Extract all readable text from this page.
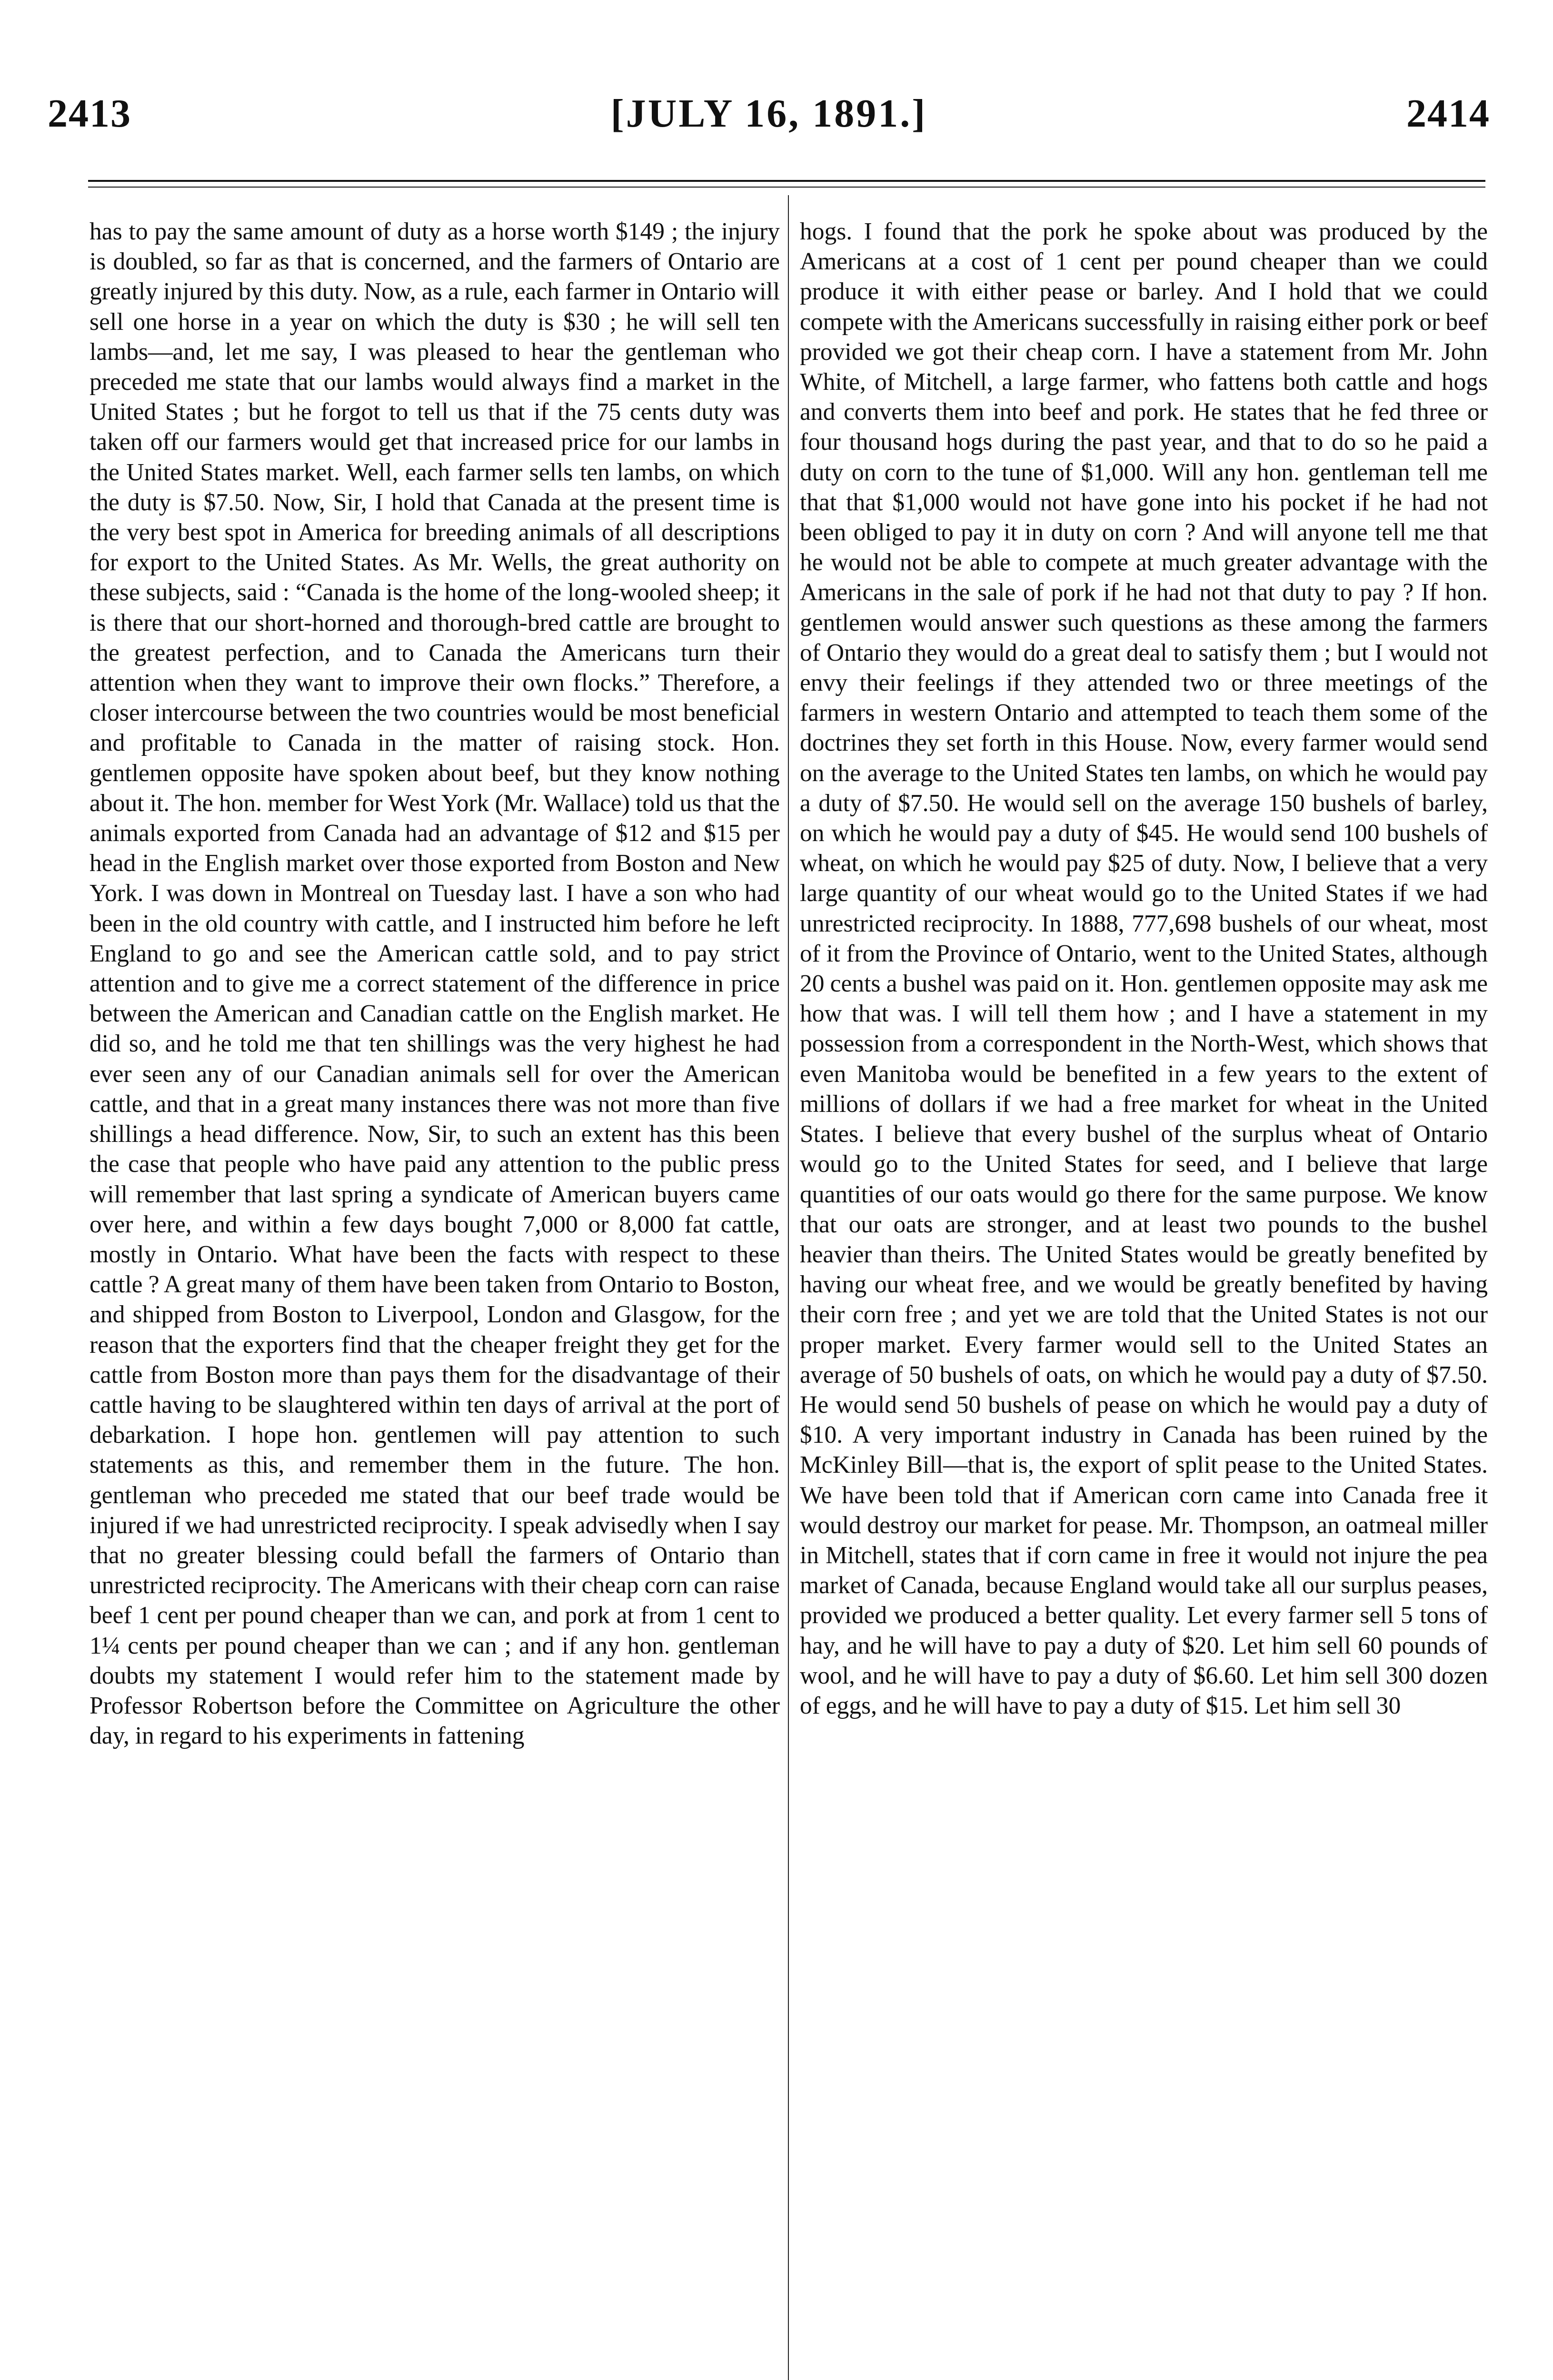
2413	[JULY 16, 1891.]	2414

has to pay the same amount of duty as a horse worth $149 ; the injury is doubled, so far as that is concerned, and the farmers of Ontario are greatly injured by this duty. Now, as a rule, each farmer in Ontario will sell one horse in a year on which the duty is $30 ; he will sell ten lambs—and, let me say, I was pleased to hear the gentleman who preceded me state that our lambs would always find a market in the United States ; but he forgot to tell us that if the 75 cents duty was taken off our farmers would get that increased price for our lambs in the United States market. Well, each farmer sells ten lambs, on which the duty is $7.50. Now, Sir, I hold that Canada at the present time is the very best spot in America for breeding animals of all descriptions for export to the United States. As Mr. Wells, the great authority on these subjects, said : “Canada is the home of the long-wooled sheep; it is there that our short-horned and thorough-bred cattle are brought to the greatest perfection, and to Canada the Americans turn their attention when they want to improve their own flocks.” Therefore, a closer intercourse between the two countries would be most beneficial and profitable to Canada in the matter of raising stock. Hon. gentlemen opposite have spoken about beef, but they know nothing about it. The hon. member for West York (Mr. Wallace) told us that the animals exported from Canada had an advantage of $12 and $15 per head in the English market over those exported from Boston and New York. I was down in Montreal on Tuesday last. I have a son who had been in the old country with cattle, and I instructed him before he left England to go and see the American cattle sold, and to pay strict attention and to give me a correct statement of the difference in price between the American and Canadian cattle on the English market. He did so, and he told me that ten shillings was the very highest he had ever seen any of our Canadian animals sell for over the American cattle, and that in a great many instances there was not more than five shillings a head difference. Now, Sir, to such an extent has this been the case that people who have paid any attention to the public press will remember that last spring a syndicate of American buyers came over here, and within a few days bought 7,000 or 8,000 fat cattle, mostly in Ontario. What have been the facts with respect to these cattle ? A great many of them have been taken from Ontario to Boston, and shipped from Boston to Liverpool, London and Glasgow, for the reason that the exporters find that the cheaper freight they get for the cattle from Boston more than pays them for the disadvantage of their cattle having to be slaughtered within ten days of arrival at the port of debarkation. I hope hon. gentlemen will pay attention to such statements as this, and remember them in the future. The hon. gentleman who preceded me stated that our beef trade would be injured if we had unrestricted reciprocity. I speak advisedly when I say that no greater blessing could befall the farmers of Ontario than unrestricted reciprocity. The Americans with their cheap corn can raise beef 1 cent per pound cheaper than we can, and pork at from 1 cent to 1¼ cents per pound cheaper than we can ; and if any hon. gentleman doubts my statement I would refer him to the statement made by Professor Robertson before the Committee on Agriculture the other day, in regard to his experiments in fattening

hogs. I found that the pork he spoke about was produced by the Americans at a cost of 1 cent per pound cheaper than we could produce it with either pease or barley. And I hold that we could compete with the Americans successfully in raising either pork or beef provided we got their cheap corn. I have a statement from Mr. John White, of Mitchell, a large farmer, who fattens both cattle and hogs and converts them into beef and pork. He states that he fed three or four thousand hogs during the past year, and that to do so he paid a duty on corn to the tune of $1,000. Will any hon. gentleman tell me that that $1,000 would not have gone into his pocket if he had not been obliged to pay it in duty on corn ? And will anyone tell me that he would not be able to compete at much greater advantage with the Americans in the sale of pork if he had not that duty to pay ? If hon. gentlemen would answer such questions as these among the farmers of Ontario they would do a great deal to satisfy them ; but I would not envy their feelings if they attended two or three meetings of the farmers in western Ontario and attempted to teach them some of the doctrines they set forth in this House. Now, every farmer would send on the average to the United States ten lambs, on which he would pay a duty of $7.50. He would sell on the average 150 bushels of barley, on which he would pay a duty of $45. He would send 100 bushels of wheat, on which he would pay $25 of duty. Now, I believe that a very large quantity of our wheat would go to the United States if we had unrestricted reciprocity. In 1888, 777,698 bushels of our wheat, most of it from the Province of Ontario, went to the United States, although 20 cents a bushel was paid on it. Hon. gentlemen opposite may ask me how that was. I will tell them how ; and I have a statement in my possession from a correspondent in the North-West, which shows that even Manitoba would be benefited in a few years to the extent of millions of dollars if we had a free market for wheat in the United States. I believe that every bushel of the surplus wheat of Ontario would go to the United States for seed, and I believe that large quantities of our oats would go there for the same purpose. We know that our oats are stronger, and at least two pounds to the bushel heavier than theirs. The United States would be greatly benefited by having our wheat free, and we would be greatly benefited by having their corn free ; and yet we are told that the United States is not our proper market. Every farmer would sell to the United States an average of 50 bushels of oats, on which he would pay a duty of $7.50. He would send 50 bushels of pease on which he would pay a duty of $10. A very important industry in Canada has been ruined by the McKinley Bill—that is, the export of split pease to the United States. We have been told that if American corn came into Canada free it would destroy our market for pease. Mr. Thompson, an oatmeal miller in Mitchell, states that if corn came in free it would not injure the pea market of Canada, because England would take all our surplus peases, provided we produced a better quality. Let every farmer sell 5 tons of hay, and he will have to pay a duty of $20. Let him sell 60 pounds of wool, and he will have to pay a duty of $6.60. Let him sell 300 dozen of eggs, and he will have to pay a duty of $15. Let him sell 30
